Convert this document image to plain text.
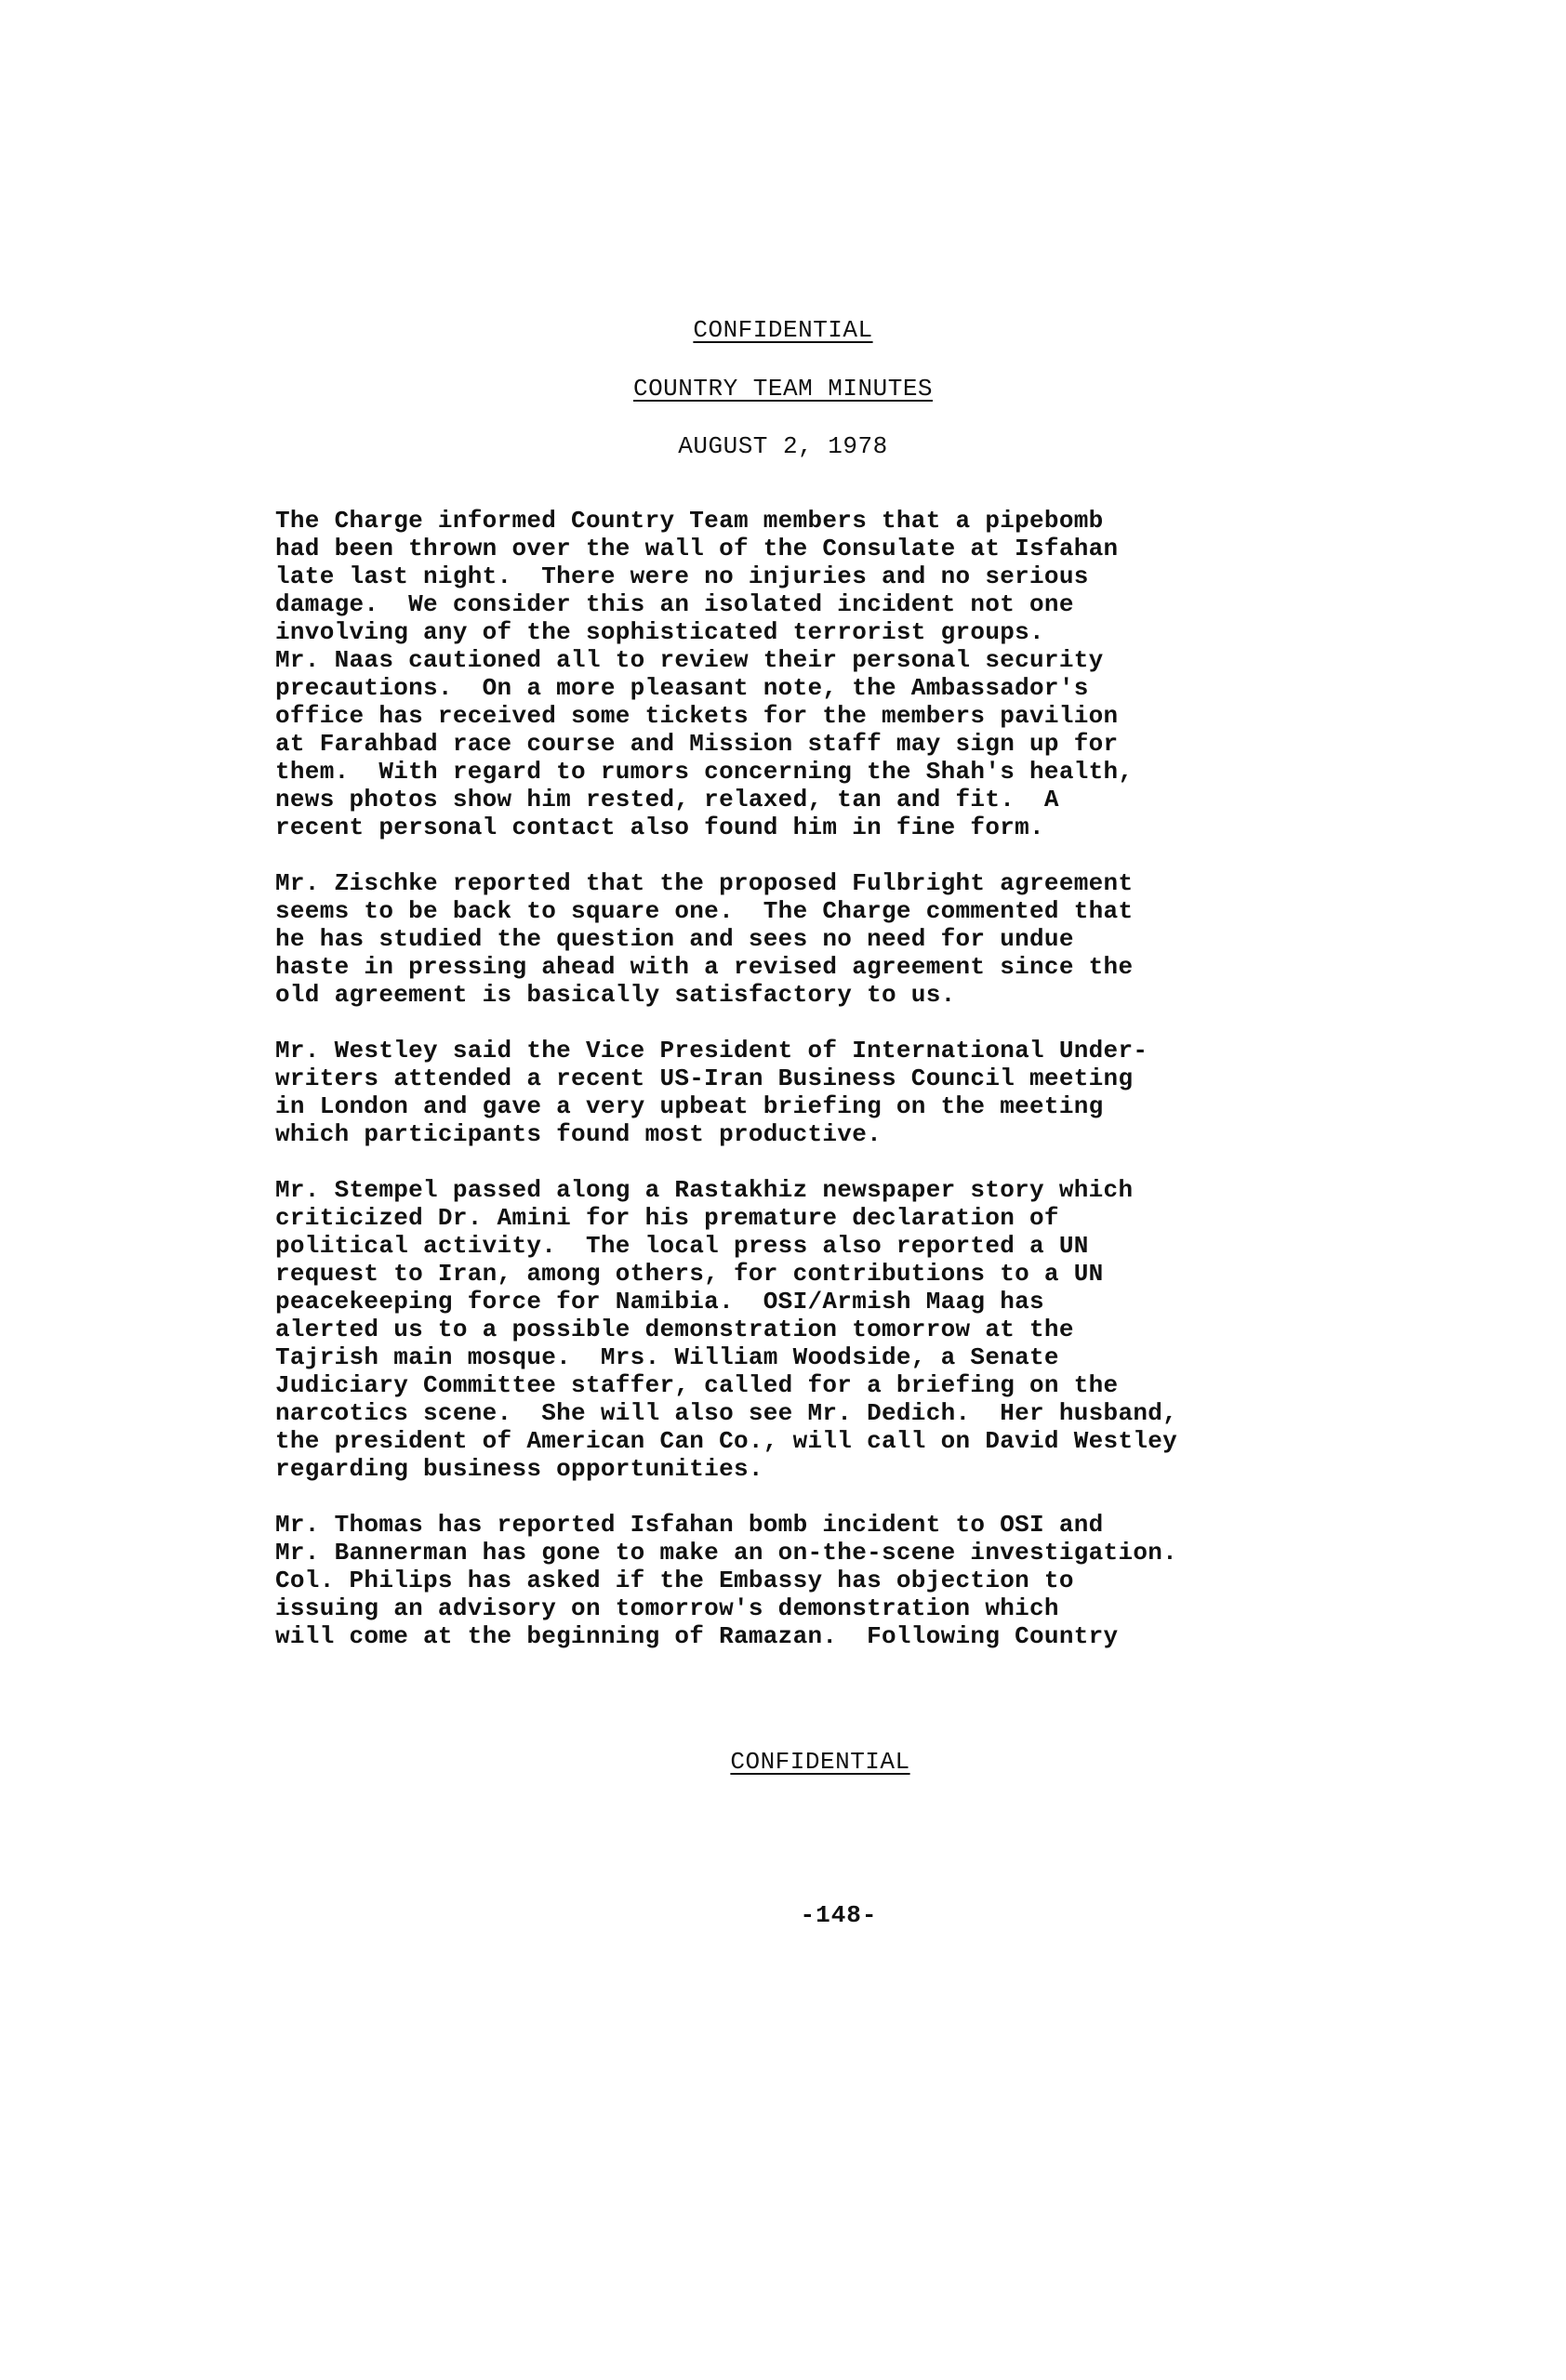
CONFIDENTIAL
COUNTRY TEAM MINUTES
AUGUST 2, 1978
The Charge informed Country Team members that a pipebomb
had been thrown over the wall of the Consulate at Isfahan
late last night.  There were no injuries and no serious
damage.  We consider this an isolated incident not one
involving any of the sophisticated terrorist groups.
Mr. Naas cautioned all to review their personal security
precautions.  On a more pleasant note, the Ambassador's
office has received some tickets for the members pavilion
at Farahbad race course and Mission staff may sign up for
them.  With regard to rumors concerning the Shah's health,
news photos show him rested, relaxed, tan and fit.  A
recent personal contact also found him in fine form.
Mr. Zischke reported that the proposed Fulbright agreement
seems to be back to square one.  The Charge commented that
he has studied the question and sees no need for undue
haste in pressing ahead with a revised agreement since the
old agreement is basically satisfactory to us.
Mr. Westley said the Vice President of International Under-
writers attended a recent US-Iran Business Council meeting
in London and gave a very upbeat briefing on the meeting
which participants found most productive.
Mr. Stempel passed along a Rastakhiz newspaper story which
criticized Dr. Amini for his premature declaration of
political activity.  The local press also reported a UN
request to Iran, among others, for contributions to a UN
peacekeeping force for Namibia.  OSI/Armish Maag has
alerted us to a possible demonstration tomorrow at the
Tajrish main mosque.  Mrs. William Woodside, a Senate
Judiciary Committee staffer, called for a briefing on the
narcotics scene.  She will also see Mr. Dedich.  Her husband,
the president of American Can Co., will call on David Westley
regarding business opportunities.
Mr. Thomas has reported Isfahan bomb incident to OSI and
Mr. Bannerman has gone to make an on-the-scene investigation.
Col. Philips has asked if the Embassy has objection to
issuing an advisory on tomorrow's demonstration which
will come at the beginning of Ramazan.  Following Country
CONFIDENTIAL
-148-
